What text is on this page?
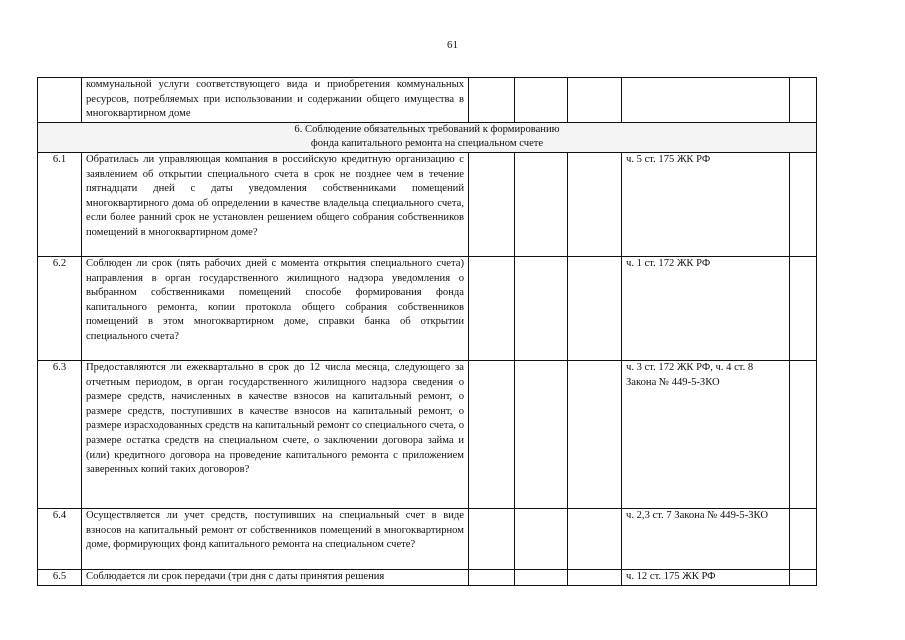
61
	коммунальной услуги соответствующего вида и приобретения коммунальных ресурсов, потребляемых при использовании и содержании общего имущества в многоквартирном доме					

6. Соблюдение обязательных требований к формированию
фонда капитального ремонта на специальном счете						

6.1	Обратилась ли управляющая компания в российскую кредитную организацию с заявлением об открытии специального счета в срок не позднее чем в течение пятнадцати дней с даты уведомления собственниками помещений многоквартирного дома об определении в качестве владельца специального счета, если более ранний срок не установлен решением общего собрания собственников помещений в многоквартирном доме?				ч. 5 ст. 175 ЖК РФ	
6.2	Соблюден ли срок (пять рабочих дней с момента открытия специального счета) направления в орган государственного жилищного надзора уведомления о выбранном собственниками помещений способе формирования фонда капитального ремонта, копии протокола общего собрания собственников помещений в этом многоквартирном доме, справки банка об открытии специального счета?				ч. 1 ст. 172 ЖК РФ	
6.3	Предоставляются ли ежеквартально в срок до 12 числа месяца, следующего за отчетным периодом, в орган государственного жилищного надзора сведения о размере средств, начисленных в качестве взносов на капитальный ремонт, о размере средств, поступивших в качестве взносов на капитальный ремонт, о размере израсходованных средств на капитальный ремонт со специального счета, о размере остатка средств на специальном счете, о заключении договора займа и (или) кредитного договора на проведение капитального ремонта с приложением заверенных копий таких договоров?				ч. 3 ст. 172 ЖК РФ, ч. 4 ст. 8 Закона № 449-5-ЗКО	
6.4	Осуществляется ли учет средств, поступивших на специальный счет в виде взносов на капитальный ремонт от собственников помещений в многоквартирном доме, формирующих фонд капитального ремонта на специальном счете?				ч. 2,3 ст. 7 Закона № 449-5-ЗКО	
6.5	Соблюдается ли срок передачи (три дня с даты принятия решения				ч. 12 ст. 175 ЖК РФ	
